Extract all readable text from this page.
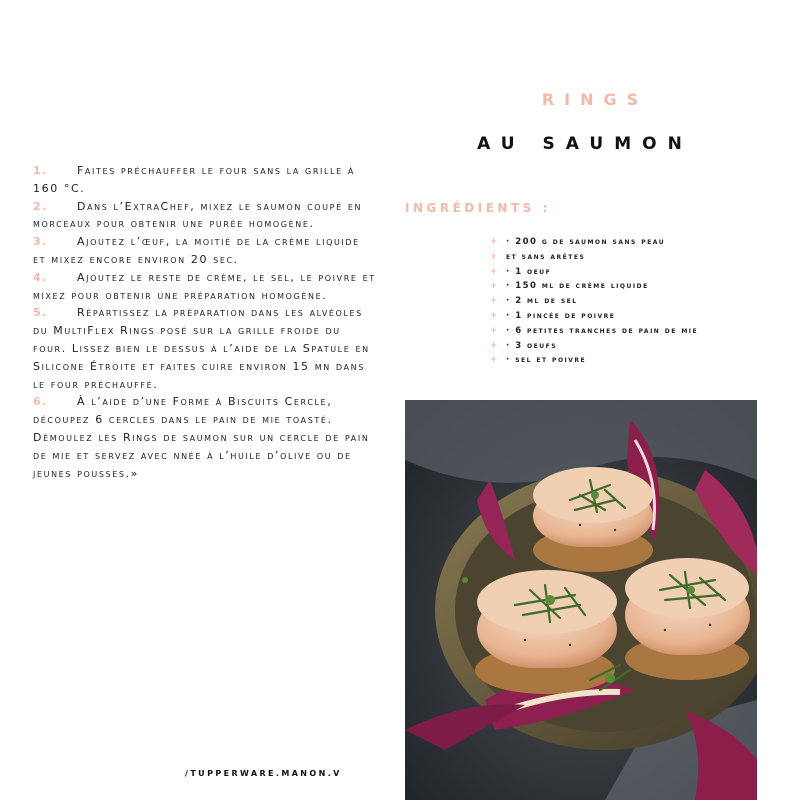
RINGS
AU SAUMON

1.	Faites préchauffer le four sans la grille à 160 °C.

2.	Dans l’ExtraChef, mixez le saumon coupé en morceaux pour obtenir une purée homogène.

3.	Ajoutez l’œuf, la moitié de la crème liquide et mixez encore environ 20 sec.

4.	Ajoutez le reste de crème, le sel, le poivre et mixez pour obtenir une préparation homogène.

5.	Répartissez la préparation dans les alvéoles du MultiFlex Rings posé sur la grille froide du four. Lissez bien le dessus à l’aide de la Spatule en Silicone Étroite et faites cuire environ 15 mn dans le four préchauffé.

6.	À l’aide d’une Forme à Biscuits Cercle, découpez 6 cercles dans le pain de mie toasté. Démoulez les Rings de saumon sur un cercle de pain de mie et servez avec nnée à l’huile d’olive ou de jeunes pousses.»

INGRÉDIENTS :
+ · 200 g de saumon sans peau
+ et sans arêtes
+ · 1 oeuf
+ · 150 ml de crème liquide
+ · 2 ml de sel
+ · 1 pincée de poivre
+ · 6 petites tranches de pain de mie
+ · 3 oeufs
+ · sel et poivre
/TUPPERWARE.MANON.V
